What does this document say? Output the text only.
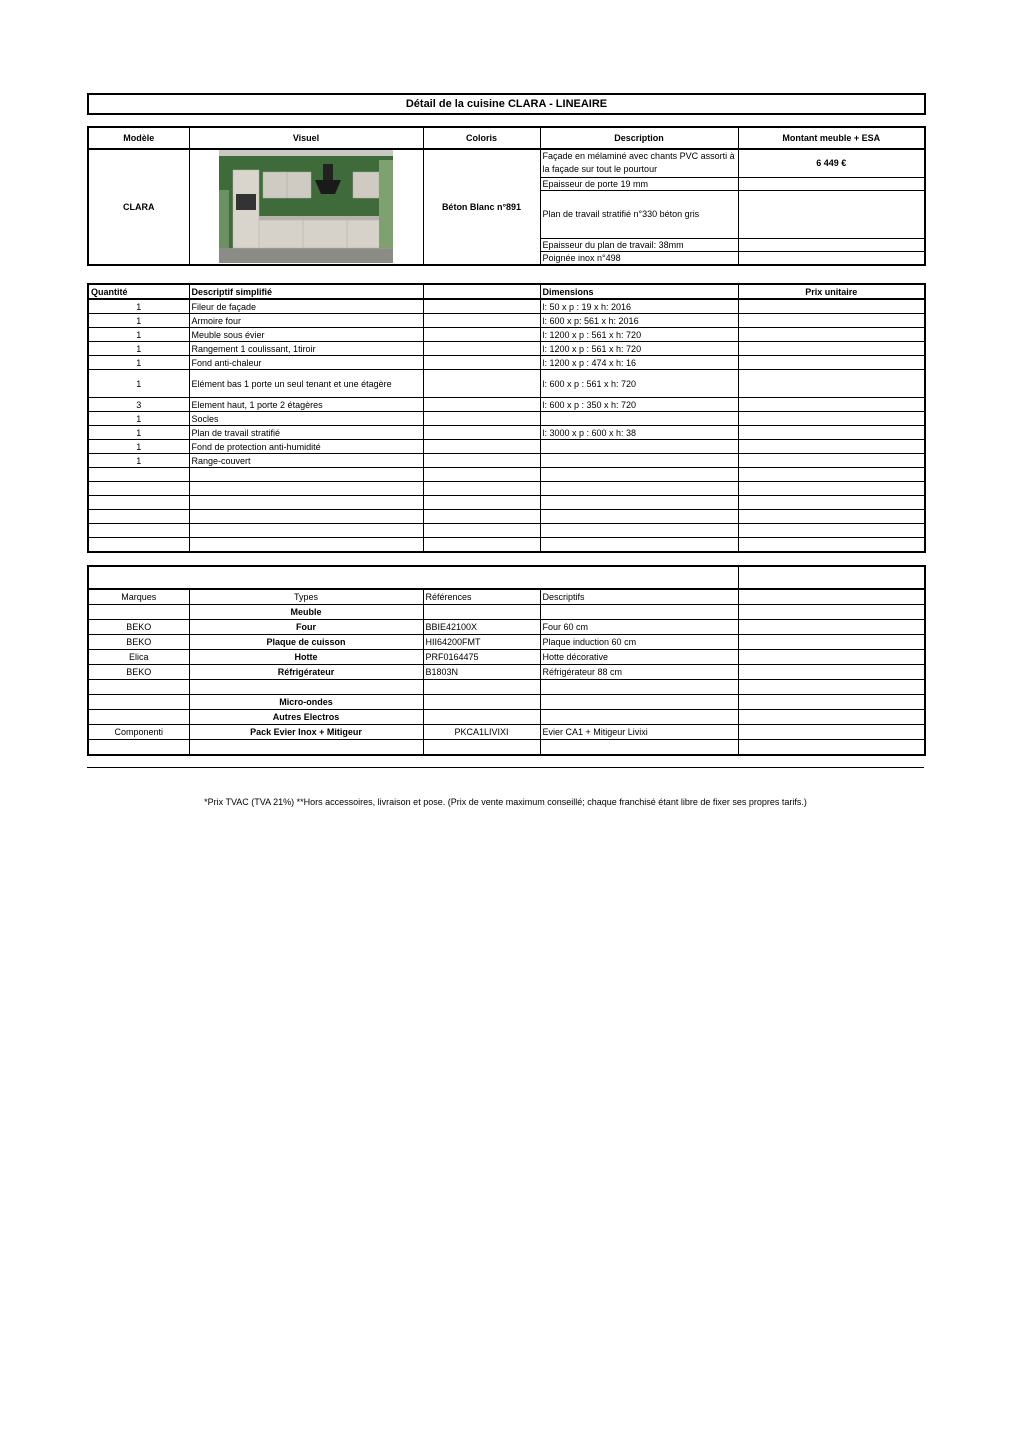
Détail de la cuisine CLARA - LINEAIRE
Modèle	Visuel	Coloris	Description	Montant meuble + ESA
CLARA		Béton Blanc n°891	Façade en mélaminé avec chants PVC assorti à la façade sur tout le pourtour	6 449 €
			Epaisseur de porte 19 mm	
			Plan de travail stratifié n°330 béton gris	
			Epaisseur du plan de travail: 38mm	
			Poignée inox n°498	
Quantité	Descriptif simplifié		Dimensions	Prix unitaire
1	Fileur de façade		l: 50 x p : 19 x h: 2016	
1	Armoire four		l: 600 x p: 561 x h: 2016	
1	Meuble sous évier		l: 1200 x p : 561 x h: 720	
1	Rangement 1 coulissant, 1tiroir		l: 1200 x p : 561 x h: 720	
1	Fond anti-chaleur		l: 1200 x p : 474 x h: 16	
1	Elément bas 1 porte un seul tenant et une étagère		l: 600 x p : 561 x h: 720	
3	Element haut, 1 porte 2 étagères		l: 600 x p : 350 x h: 720	
1	Socles			
1	Plan de travail stratifié		l: 3000 x p : 600 x h: 38	
1	Fond de protection anti-humidité			
1	Range-couvert			

Marques	Types	Références	Descriptifs	
	Meuble			
BEKO	Four	BBIE42100X	Four 60 cm	
BEKO	Plaque de cuisson	HII64200FMT	Plaque induction 60 cm	
Elica	Hotte	PRF0164475	Hotte décorative	
BEKO	Réfrigérateur	B1803N	Réfrigérateur 88 cm	

	Micro-ondes			
	Autres Electros			
Componenti	Pack Evier Inox + Mitigeur	PKCA1LIVIXI	Evier CA1 + Mitigeur Livixi	

*Prix TVAC (TVA 21%) **Hors accessoires, livraison et pose. (Prix de vente maximum conseillé; chaque franchisé étant libre de fixer ses propres tarifs.)
